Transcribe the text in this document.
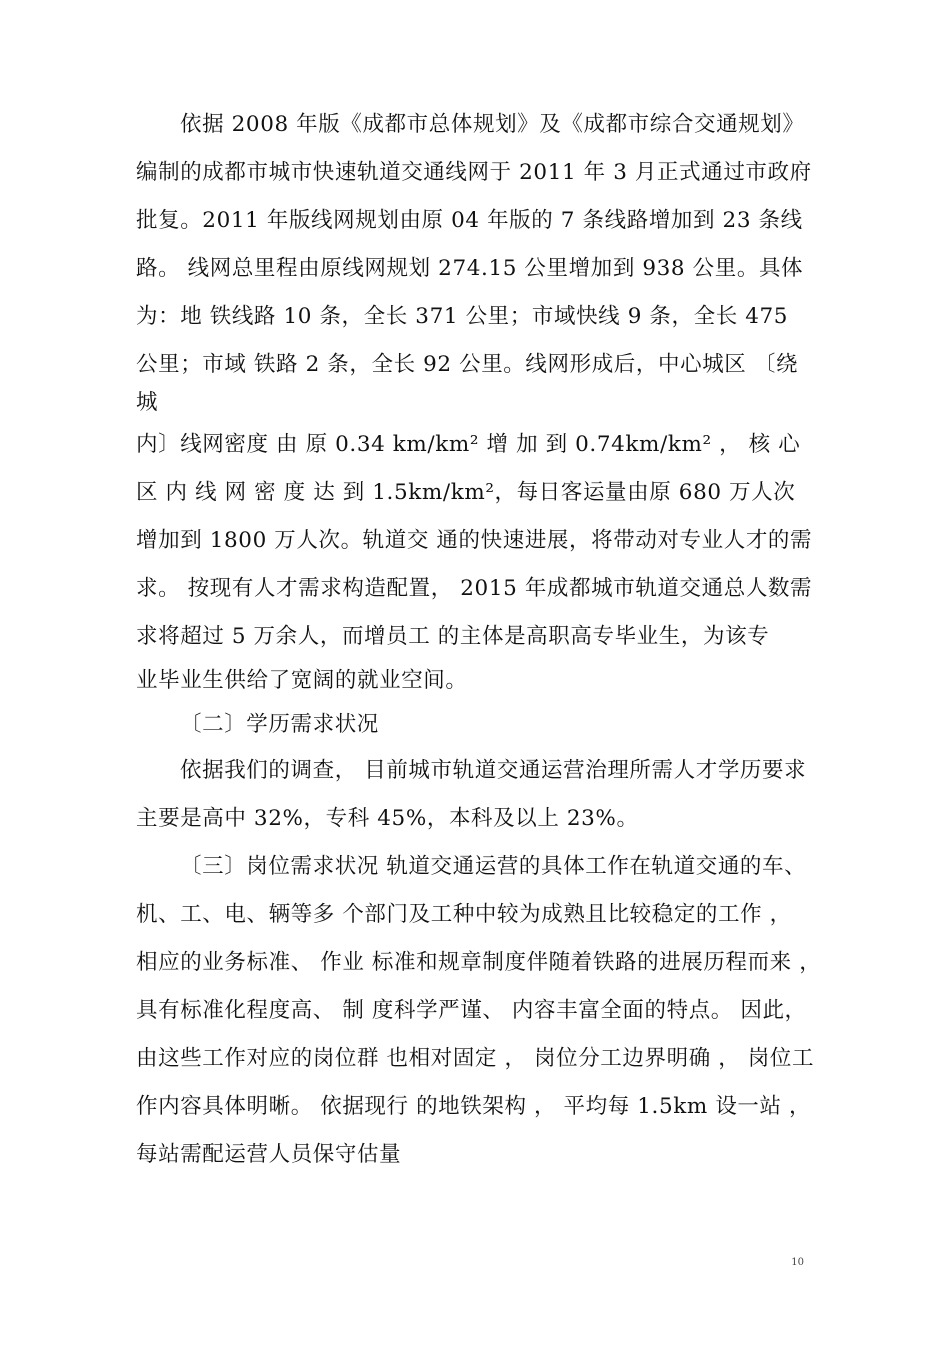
依据 2008 年版《成都市总体规划》及《成都市综合交通规划》
编制的成都市城市快速轨道交通线网于 2011 年 3 月正式通过市政府
批复。2011 年版线网规划由原 04 年版的 7 条线路增加到 23 条线
路。 线网总里程由原线网规划 274.15 公里增加到 938 公里。具体
为：地 铁线路 10 条，全长 371 公里；市域快线 9 条，全长 475
公里；市域 铁路 2 条，全长 92 公里。线网形成后，中心城区 〔绕
城
内〕线网密度 由 原 0.34 km/km² 增 加 到 0.74km/km² ， 核 心
区 内 线 网 密 度 达 到 1.5km/km²，每日客运量由原 680 万人次
增加到 1800 万人次。轨道交 通的快速进展，将带动对专业人才的需
求。 按现有人才需求构造配置， 2015 年成都城市轨道交通总人数需
求将超过 5 万余人，而增员工 的主体是高职高专毕业生，为该专
业毕业生供给了宽阔的就业空间。
〔二〕学历需求状况
依据我们的调查， 目前城市轨道交通运营治理所需人才学历要求
主要是高中 32%，专科 45%，本科及以上 23%。
〔三〕岗位需求状况 轨道交通运营的具体工作在轨道交通的车、
机、工、电、辆等多 个部门及工种中较为成熟且比较稳定的工作 ，
相应的业务标准、 作业 标准和规章制度伴随着铁路的进展历程而来 ，
具有标准化程度高、 制 度科学严谨、 内容丰富全面的特点。 因此，
由这些工作对应的岗位群 也相对固定 ， 岗位分工边界明确 ， 岗位工
作内容具体明晰。 依据现行 的地铁架构 ， 平均每 1.5km 设一站 ，
每站需配运营人员保守估量
10
